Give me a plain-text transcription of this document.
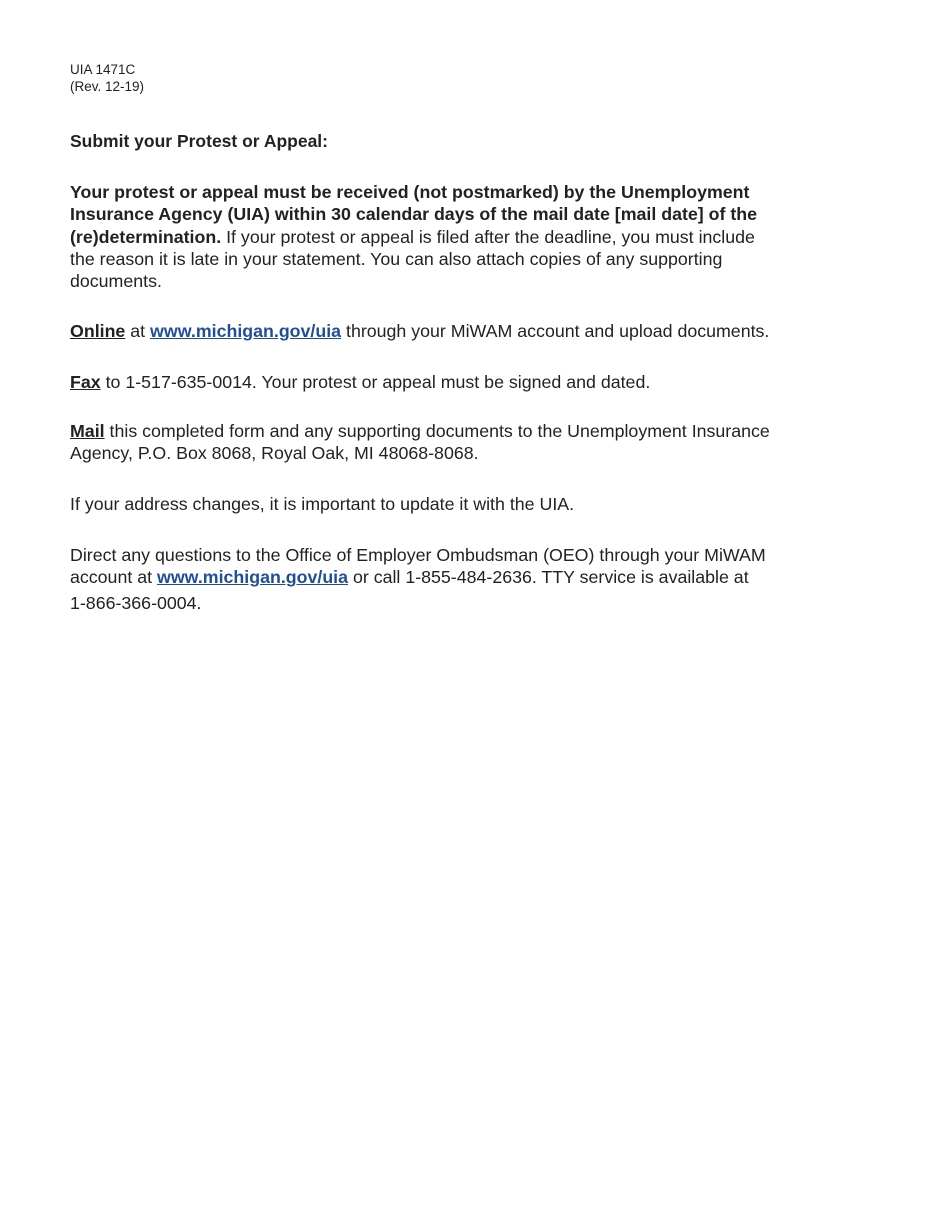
UIA 1471C
(Rev. 12-19)
Submit your Protest or Appeal:
Your protest or appeal must be received (not postmarked) by the Unemployment
Insurance Agency (UIA) within 30 calendar days of the mail date [mail date] of the
(re)determination. If your protest or appeal is filed after the deadline, you must include
the reason it is late in your statement. You can also attach copies of any supporting
documents.
Online at www.michigan.gov/uia through your MiWAM account and upload documents.
Fax to 1-517-635-0014. Your protest or appeal must be signed and dated.
Mail this completed form and any supporting documents to the Unemployment Insurance
Agency, P.O. Box 8068, Royal Oak, MI 48068-8068.
If your address changes, it is important to update it with the UIA.
Direct any questions to the Office of Employer Ombudsman (OEO) through your MiWAM
account at www.michigan.gov/uia or call 1-855-484-2636. TTY service is available at
1-866-366-0004.
